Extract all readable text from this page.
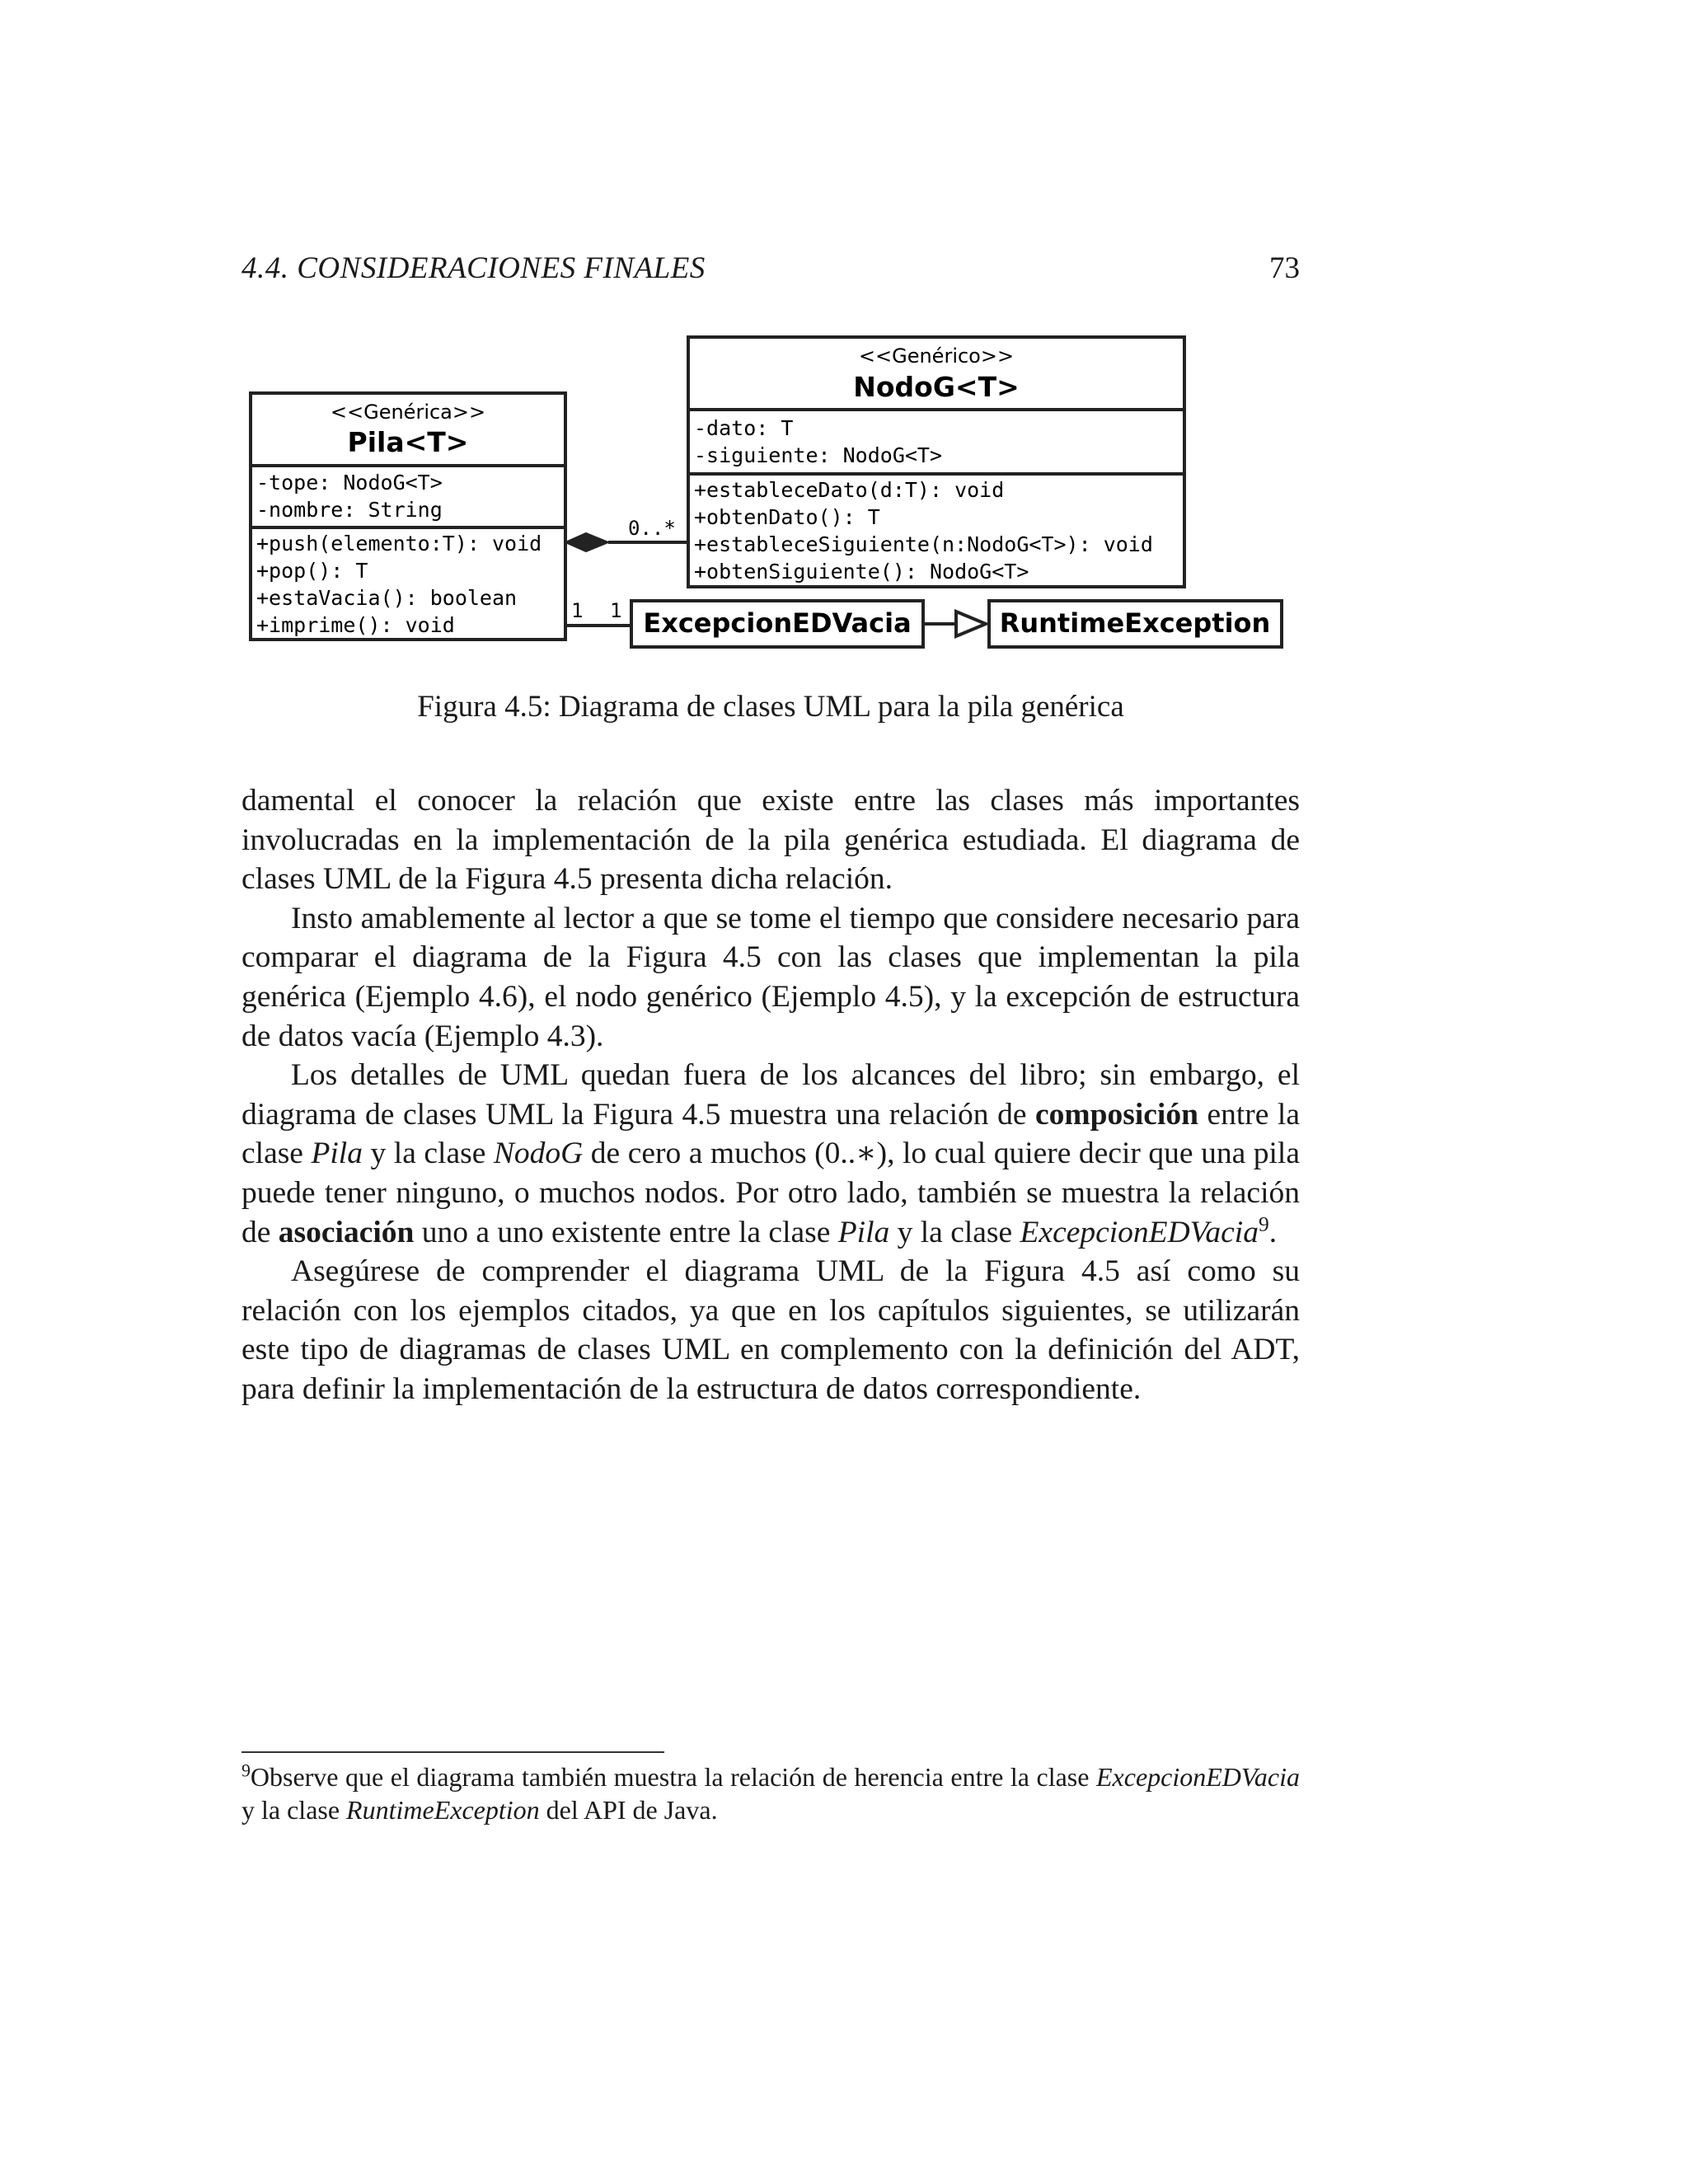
4.4. CONSIDERACIONES FINALES	73
<<Genérica>>
Pila<T>
-tope: NodoG<T>
-nombre: String
+push(elemento:T): void
+pop(): T
+estaVacia(): boolean
+imprime(): void
<<Genérico>>
NodoG<T>
-dato: T
-siguiente: NodoG<T>
+estableceDato(d:T): void
+obtenDato(): T
+estableceSiguiente(n:NodoG<T>): void
+obtenSiguiente(): NodoG<T>
0..*
1 1 ExcepcionEDVacia	RuntimeException
Figura 4.5: Diagrama de clases UML para la pila genérica

damental el conocer la relación que existe entre las clases más importantes involucradas en la implementación de la pila genérica estudiada. El diagrama de clases UML de la Figura 4.5 presenta dicha relación.

Insto amablemente al lector a que se tome el tiempo que considere necesario para comparar el diagrama de la Figura 4.5 con las clases que implementan la pila genérica (Ejemplo 4.6), el nodo genérico (Ejemplo 4.5), y la excepción de estructura de datos vacía (Ejemplo 4.3).

Los detalles de UML quedan fuera de los alcances del libro; sin embargo, el diagrama de clases UML la Figura 4.5 muestra una relación de composición entre la clase Pila y la clase NodoG de cero a muchos (0..∗), lo cual quiere decir que una pila puede tener ninguno, o muchos nodos. Por otro lado, también se muestra la relación de asociación uno a uno existente entre la clase Pila y la clase ExcepcionEDVacia$^9$.

Asegúrese de comprender el diagrama UML de la Figura 4.5 así como su relación con los ejemplos citados, ya que en los capítulos siguientes, se utilizarán este tipo de diagramas de clases UML en complemento con la definición del ADT, para definir la implementación de la estructura de datos correspondiente.

$^9$Observe que el diagrama también muestra la relación de herencia entre la clase ExcepcionEDVacia y la clase RuntimeException del API de Java.
